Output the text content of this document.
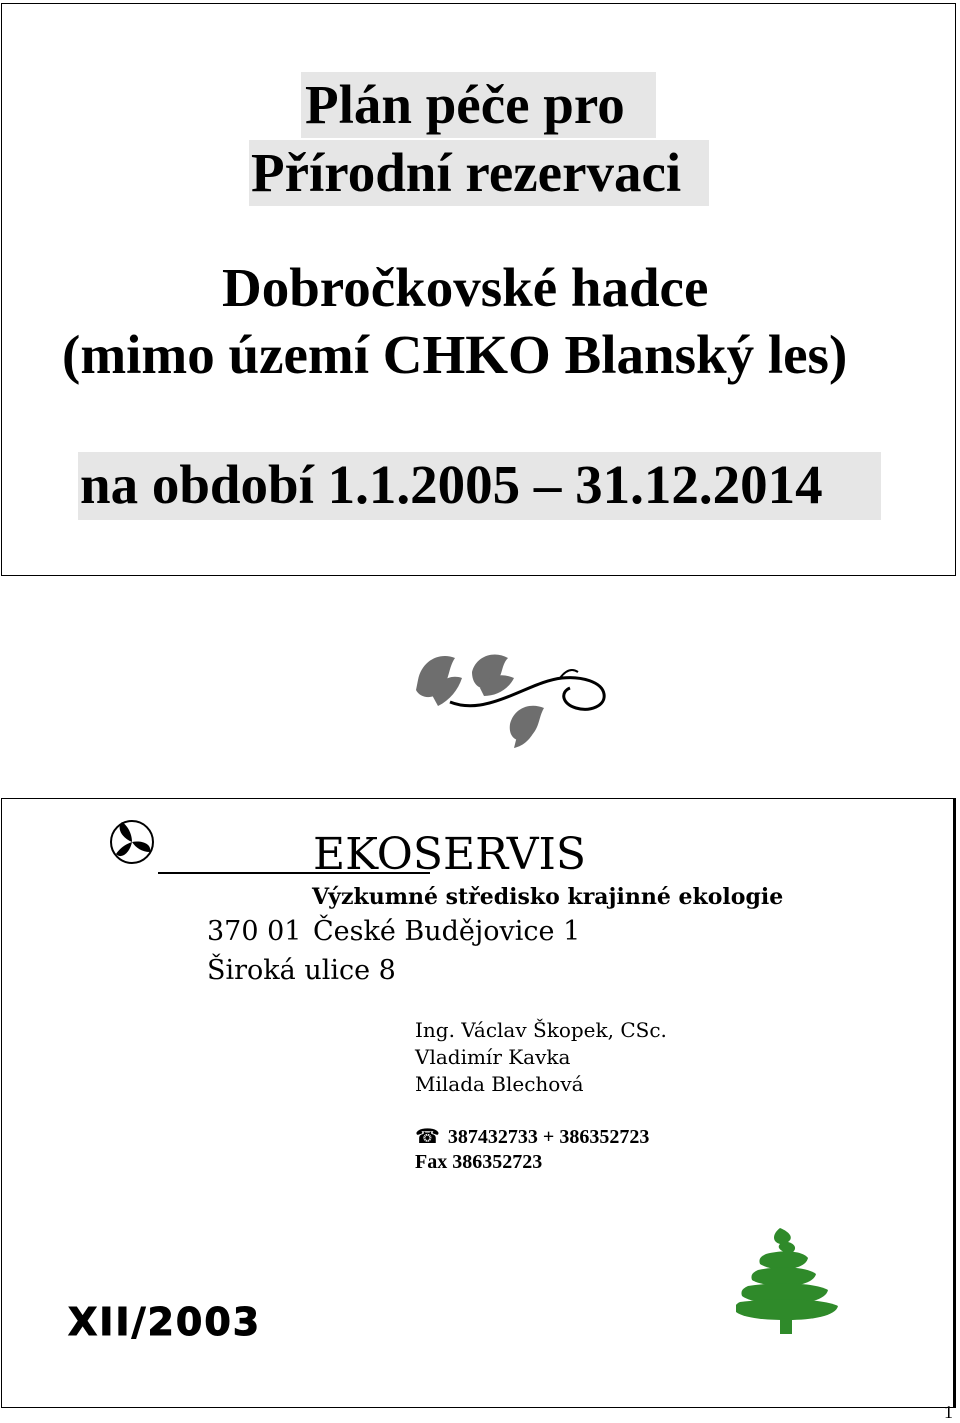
Plán péče pro
Přírodní rezervaci
Dobročkovské hadce
(mimo území CHKO Blanský les)
na období 1.1.2005 – 31.12.2014
EKOSERVIS
Výzkumné středisko krajinné ekologie
370 01 České Budějovice 1
Široká ulice 8
Ing. Václav Škopek, CSc.
Vladimír Kavka
Milada Blechová
☎ 387432733 + 386352723
Fax 386352723
XII/2003
1
